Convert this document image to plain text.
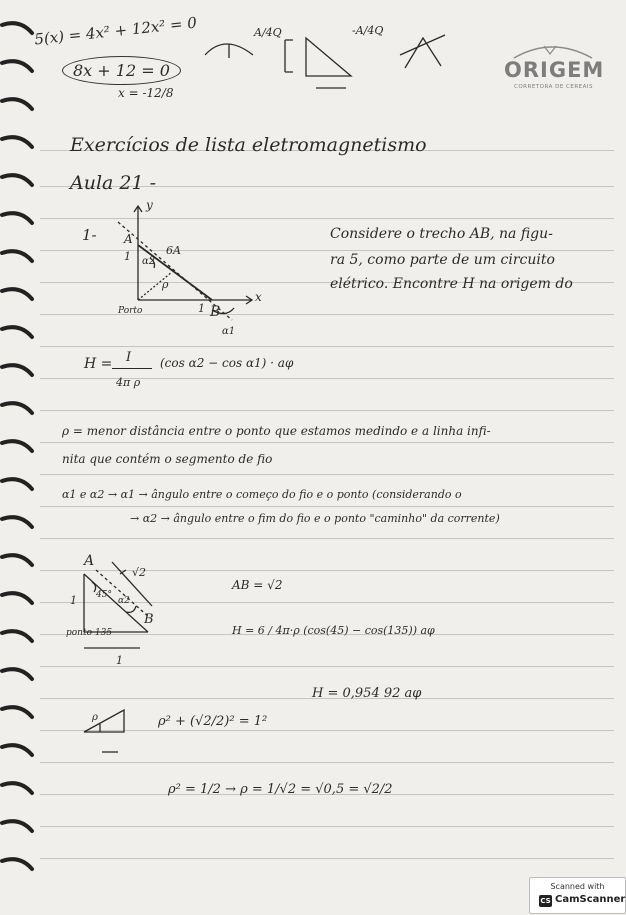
5(x) = 4x² + 12x² = 0
8x + 12 = 0
x = -12/8
A/4Q	-A/4Q
ORIGEM
CORRETORA DE CEREAIS
Exercícios de lista eletromagnetismo
Aula 21 -
1-	Considere o trecho AB, na figu-
ra 5, como parte de um circuito
elétrico. Encontre H na origem do
y
A
1 α2
6A
ρ
1 B
x
Porto
α1
H = I
4π ρ
(cos α2 − cos α1) · aφ
ρ = menor distância entre o ponto que estamos medindo e a linha infi-
nita que contém o segmento de fio
α1 e α2 → α1 → ângulo entre o começo do fio e o ponto (considerando o
→ α2 → ângulo entre o fim do fio e o ponto "caminho" da corrente)
A
√2
1 45°
α2
B
ponto 135
1
AB = √2
H = 6 / 4π·ρ (cos(45) − cos(135)) aφ
H = 0,954 92 aφ
ρ	ρ² + (√2/2)² = 1²
ρ² = 1/2 → ρ = 1/√2 = √0,5 = √2/2
Scanned with
CS CamScanner
